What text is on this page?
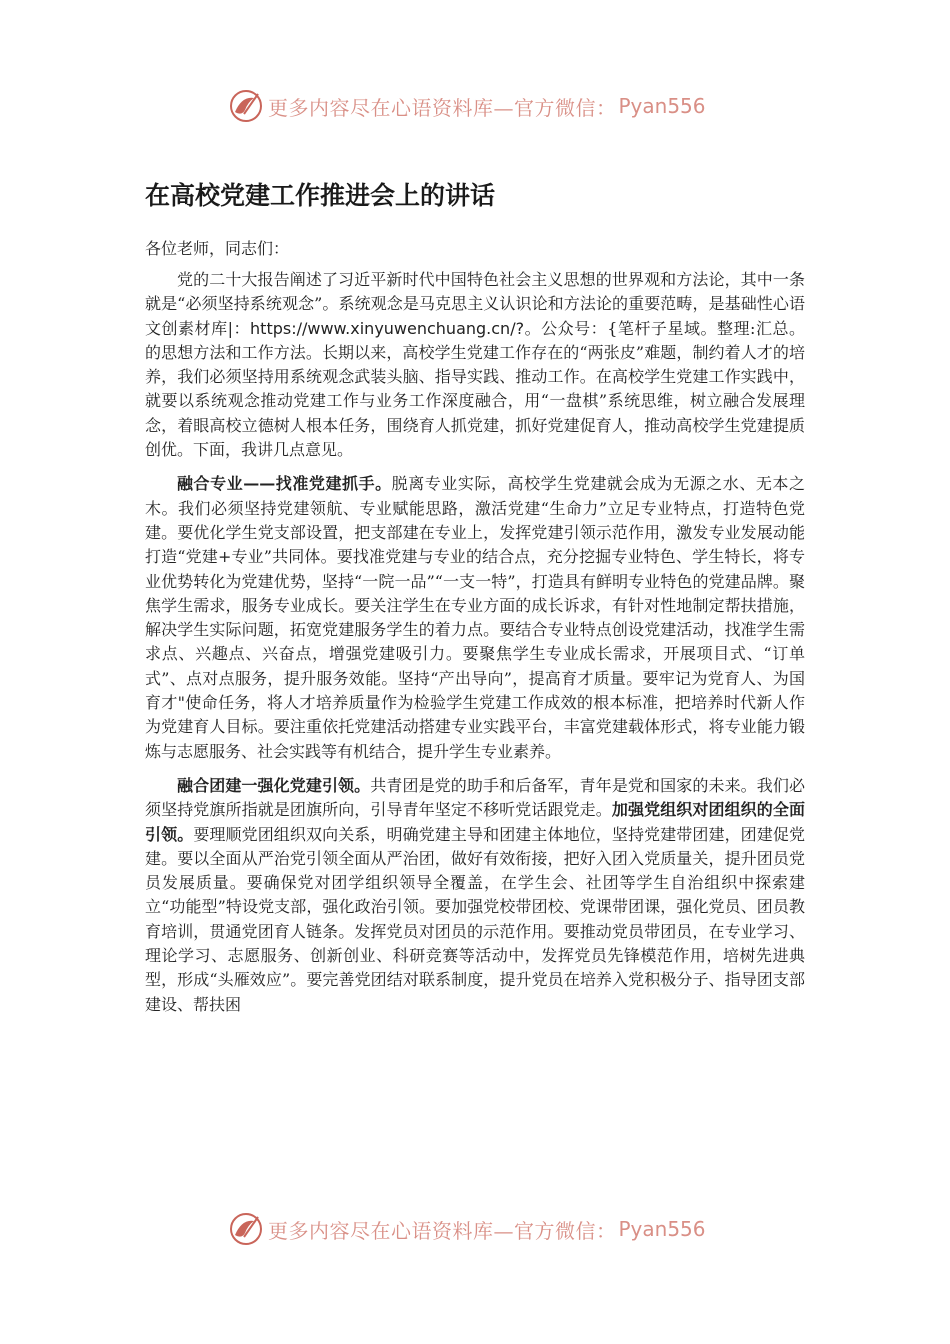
更多内容尽在心语资料库—官方微信： Pyan556
在高校党建工作推进会上的讲话
各位老师，同志们：

党的二十大报告阐述了习近平新时代中国特色社会主义思想的世界观和方法论，其中一条就是“必须坚持系统观念”。系统观念是马克思主义认识论和方法论的重要范畴，是基础性心语文创素材库|：https://www.xinyuwenchuang.cn/?。公众号：{笔杆子星域。整理:汇总。的思想方法和工作方法。长期以来，高校学生党建工作存在的“两张皮”难题，制约着人才的培养，我们必须坚持用系统观念武装头脑、指导实践、推动工作。在高校学生党建工作实践中，就要以系统观念推动党建工作与业务工作深度融合，用“一盘棋”系统思维，树立融合发展理念，着眼高校立德树人根本任务，围绕育人抓党建，抓好党建促育人，推动高校学生党建提质创优。下面，我讲几点意见。

融合专业——找准党建抓手。脱离专业实际，高校学生党建就会成为无源之水、无本之木。我们必须坚持党建领航、专业赋能思路，激活党建“生命力”立足专业特点，打造特色党建。要优化学生党支部设置，把支部建在专业上，发挥党建引领示范作用，激发专业发展动能打造“党建+专业”共同体。要找准党建与专业的结合点，充分挖掘专业特色、学生特长，将专业优势转化为党建优势，坚持“一院一品”“一支一特”，打造具有鲜明专业特色的党建品牌。聚焦学生需求，服务专业成长。要关注学生在专业方面的成长诉求，有针对性地制定帮扶措施，解决学生实际问题，拓宽党建服务学生的着力点。要结合专业特点创设党建活动，找准学生需求点、兴趣点、兴奋点，增强党建吸引力。要聚焦学生专业成长需求，开展项目式、“订单式”、点对点服务，提升服务效能。坚持“产出导向”，提高育才质量。要牢记为党育人、为国育才"使命任务，将人才培养质量作为检验学生党建工作成效的根本标准，把培养时代新人作为党建育人目标。要注重依托党建活动搭建专业实践平台，丰富党建载体形式，将专业能力锻炼与志愿服务、社会实践等有机结合，提升学生专业素养。

融合团建一强化党建引领。共青团是党的助手和后备军，青年是党和国家的未来。我们必须坚持党旗所指就是团旗所向，引导青年坚定不移听党话跟党走。加强党组织对团组织的全面引领。要理顺党团组织双向关系，明确党建主导和团建主体地位，坚持党建带团建，团建促党建。要以全面从严治党引领全面从严治团，做好有效衔接，把好入团入党质量关，提升团员党员发展质量。要确保党对团学组织领导全覆盖，在学生会、社团等学生自治组织中探索建立“功能型”特设党支部，强化政治引领。要加强党校带团校、党课带团课，强化党员、团员教育培训，贯通党团育人链条。发挥党员对团员的示范作用。要推动党员带团员，在专业学习、理论学习、志愿服务、创新创业、科研竞赛等活动中，发挥党员先锋模范作用，培树先进典型，形成“头雁效应”。要完善党团结对联系制度，提升党员在培养入党积极分子、指导团支部建设、帮扶困

更多内容尽在心语资料库—官方微信： Pyan556
